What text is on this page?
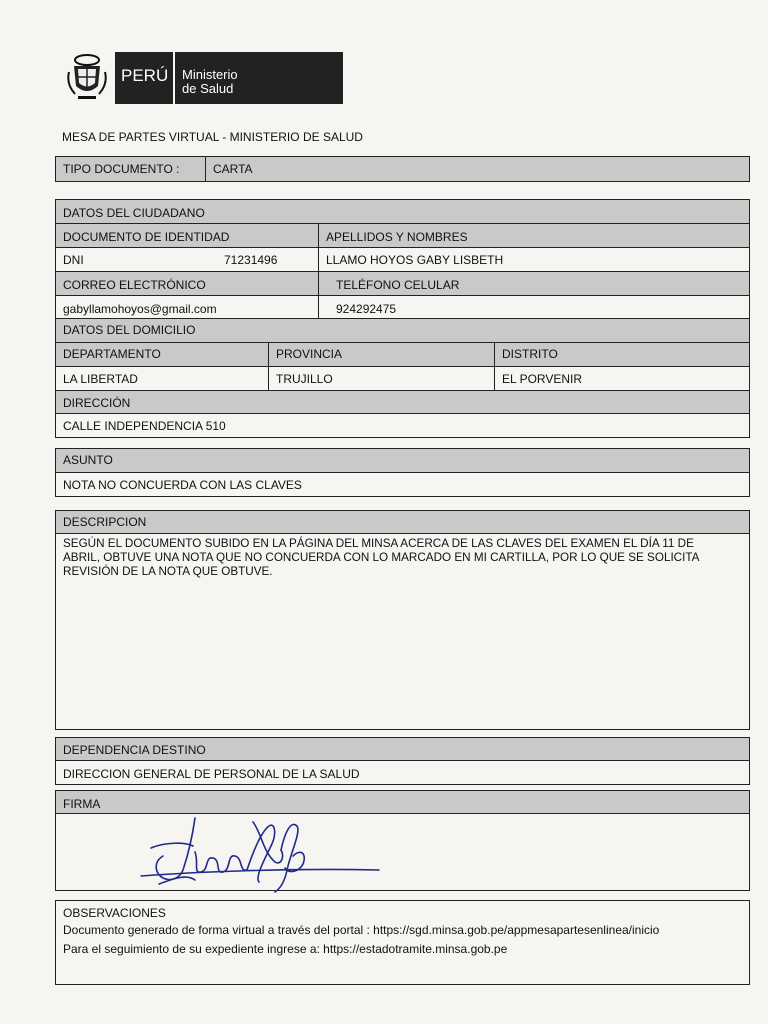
PERÚ Ministerio
de Salud
MESA DE PARTES VIRTUAL - MINISTERIO DE SALUD
TIPO DOCUMENTO :	CARTA
DATOS DEL CIUDADANO
DOCUMENTO DE IDENTIDAD	APELLIDOS Y NOMBRES
DNI	71231496	LLAMO HOYOS GABY LISBETH
CORREO ELECTRÓNICO	TELÉFONO CELULAR
gabyllamohoyos@gmail.com	924292475
DATOS DEL DOMICILIO
DEPARTAMENTO	PROVINCIA	DISTRITO
LA LIBERTAD	TRUJILLO	EL PORVENIR
DIRECCIÓN
CALLE INDEPENDENCIA 510
ASUNTO
NOTA NO CONCUERDA CON LAS CLAVES
DESCRIPCION
SEGÚN EL DOCUMENTO SUBIDO EN LA PÁGINA DEL MINSA ACERCA DE LAS CLAVES DEL EXAMEN EL DÍA 11 DE
ABRIL, OBTUVE UNA NOTA QUE NO CONCUERDA CON LO MARCADO EN MI CARTILLA, POR LO QUE SE SOLICITA
REVISIÓN DE LA NOTA QUE OBTUVE.
DEPENDENCIA DESTINO
DIRECCION GENERAL DE PERSONAL DE LA SALUD
FIRMA
OBSERVACIONES
Documento generado de forma virtual a través del portal : https://sgd.minsa.gob.pe/appmesapartesenlinea/inicio
Para el seguimiento de su expediente ingrese a: https://estadotramite.minsa.gob.pe
